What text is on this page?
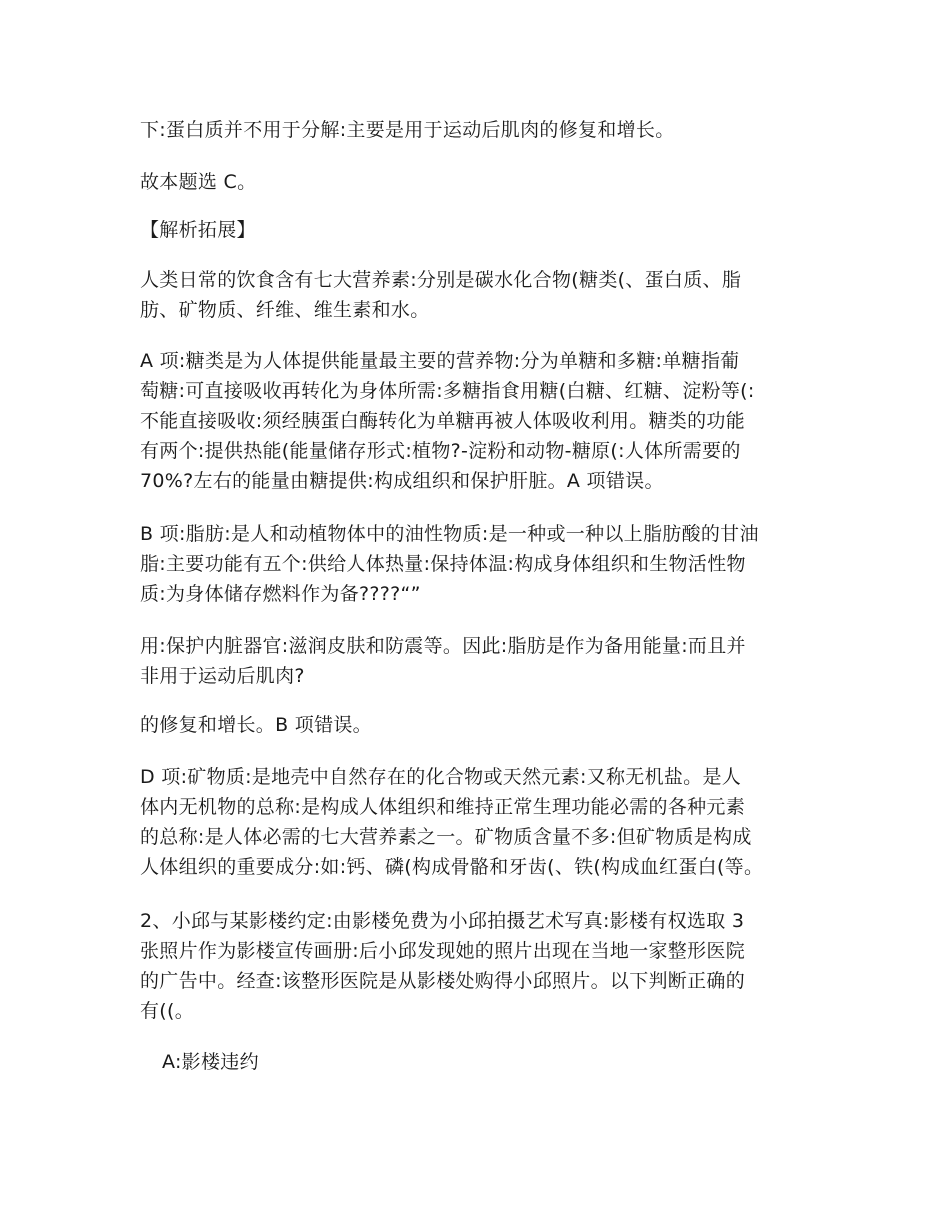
下:蛋白质并不用于分解:主要是用于运动后肌肉的修复和增长。

故本题选 C。

【解析拓展】

人类日常的饮食含有七大营养素:分别是碳水化合物(糖类(、蛋白质、脂
肪、矿物质、纤维、维生素和水。

A 项:糖类是为人体提供能量最主要的营养物:分为单糖和多糖:单糖指葡
萄糖:可直接吸收再转化为身体所需:多糖指食用糖(白糖、红糖、淀粉等(:
不能直接吸收:须经胰蛋白酶转化为单糖再被人体吸收利用。糖类的功能
有两个:提供热能(能量储存形式:植物?-淀粉和动物-糖原(:人体所需要的
70%?左右的能量由糖提供:构成组织和保护肝脏。A 项错误。

B 项:脂肪:是人和动植物体中的油性物质:是一种或一种以上脂肪酸的甘油
脂:主要功能有五个:供给人体热量:保持体温:构成身体组织和生物活性物
质:为身体储存燃料作为备????“”

用:保护内脏器官:滋润皮肤和防震等。因此:脂肪是作为备用能量:而且并
非用于运动后肌肉?

的修复和增长。B 项错误。

D 项:矿物质:是地壳中自然存在的化合物或天然元素:又称无机盐。是人
体内无机物的总称:是构成人体组织和维持正常生理功能必需的各种元素
的总称:是人体必需的七大营养素之一。矿物质含量不多:但矿物质是构成
人体组织的重要成分:如:钙、磷(构成骨骼和牙齿(、铁(构成血红蛋白(等。

2、小邱与某影楼约定:由影楼免费为小邱拍摄艺术写真:影楼有权选取 3
张照片作为影楼宣传画册:后小邱发现她的照片出现在当地一家整形医院
的广告中。经查:该整形医院是从影楼处购得小邱照片。以下判断正确的
有((。

A:影楼违约
